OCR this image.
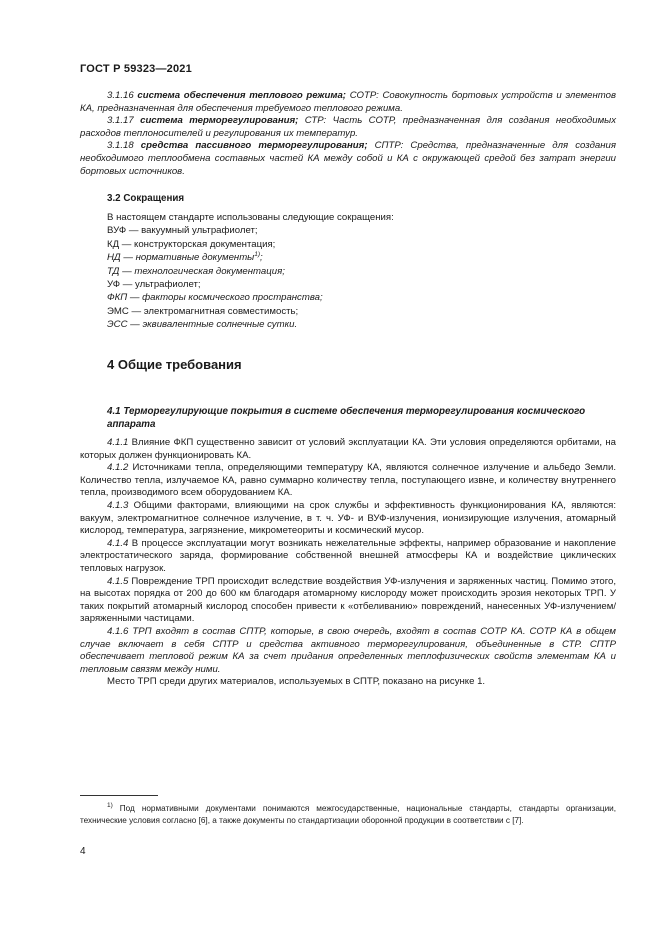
ГОСТ Р 59323—2021

3.1.16 система обеспечения теплового режима; СОТР: Совокупность бортовых устройств и элементов КА, предназначенная для обеспечения требуемого теплового режима.

3.1.17 система терморегулирования; СТР: Часть СОТР, предназначенная для создания необходимых расходов теплоносителей и регулирования их температур.

3.1.18 средства пассивного терморегулирования; СПТР: Средства, предназначенные для создания необходимого теплообмена составных частей КА между собой и КА с окружающей средой без затрат энергии бортовых источников.

3.2 Сокращения
В настоящем стандарте использованы следующие сокращения:
ВУФ — вакуумный ультрафиолет;
КД — конструкторская документация;
НД — нормативные документы$^{1)}$;
ТД — технологическая документация;
УФ — ультрафиолет;
ФКП — факторы космического пространства;
ЭМС — электромагнитная совместимость;
ЭСС — эквивалентные солнечные сутки.
4 Общие требования
4.1 Терморегулирующие покрытия в системе обеспечения терморегулирования космического аппарата

4.1.1 Влияние ФКП существенно зависит от условий эксплуатации КА. Эти условия определяются орбитами, на которых должен функционировать КА.

4.1.2 Источниками тепла, определяющими температуру КА, являются солнечное излучение и альбедо Земли. Количество тепла, излучаемое КА, равно суммарно количеству тепла, поступающего извне, и количеству внутреннего тепла, производимого всем оборудованием КА.

4.1.3 Общими факторами, влияющими на срок службы и эффективность функционирования КА, являются: вакуум, электромагнитное солнечное излучение, в т. ч. УФ- и ВУФ-излучения, ионизирующие излучения, атомарный кислород, температура, загрязнение, микрометеориты и космический мусор.

4.1.4 В процессе эксплуатации могут возникать нежелательные эффекты, например образование и накопление электростатического заряда, формирование собственной внешней атмосферы КА и воздействие циклических тепловых нагрузок.

4.1.5 Повреждение ТРП происходит вследствие воздействия УФ-излучения и заряженных частиц. Помимо этого, на высотах порядка от 200 до 600 км благодаря атомарному кислороду может происходить эрозия некоторых ТРП. У таких покрытий атомарный кислород способен привести к «отбеливанию» повреждений, нанесенных УФ-излучением/заряженными частицами.

4.1.6 ТРП входят в состав СПТР, которые, в свою очередь, входят в состав СОТР КА. СОТР КА в общем случае включает в себя СПТР и средства активного терморегулирования, объединенные в СТР. СПТР обеспечивает тепловой режим КА за счет придания определенных теплофизических свойств элементам КА и тепловым связям между ними.

Место ТРП среди других материалов, используемых в СПТР, показано на рисунке 1.

$^{1)}$ Под нормативными документами понимаются межгосударственные, национальные стандарты, стандарты организации, технические условия согласно [6], а также документы по стандартизации оборонной продукции в соответствии с [7].

4
